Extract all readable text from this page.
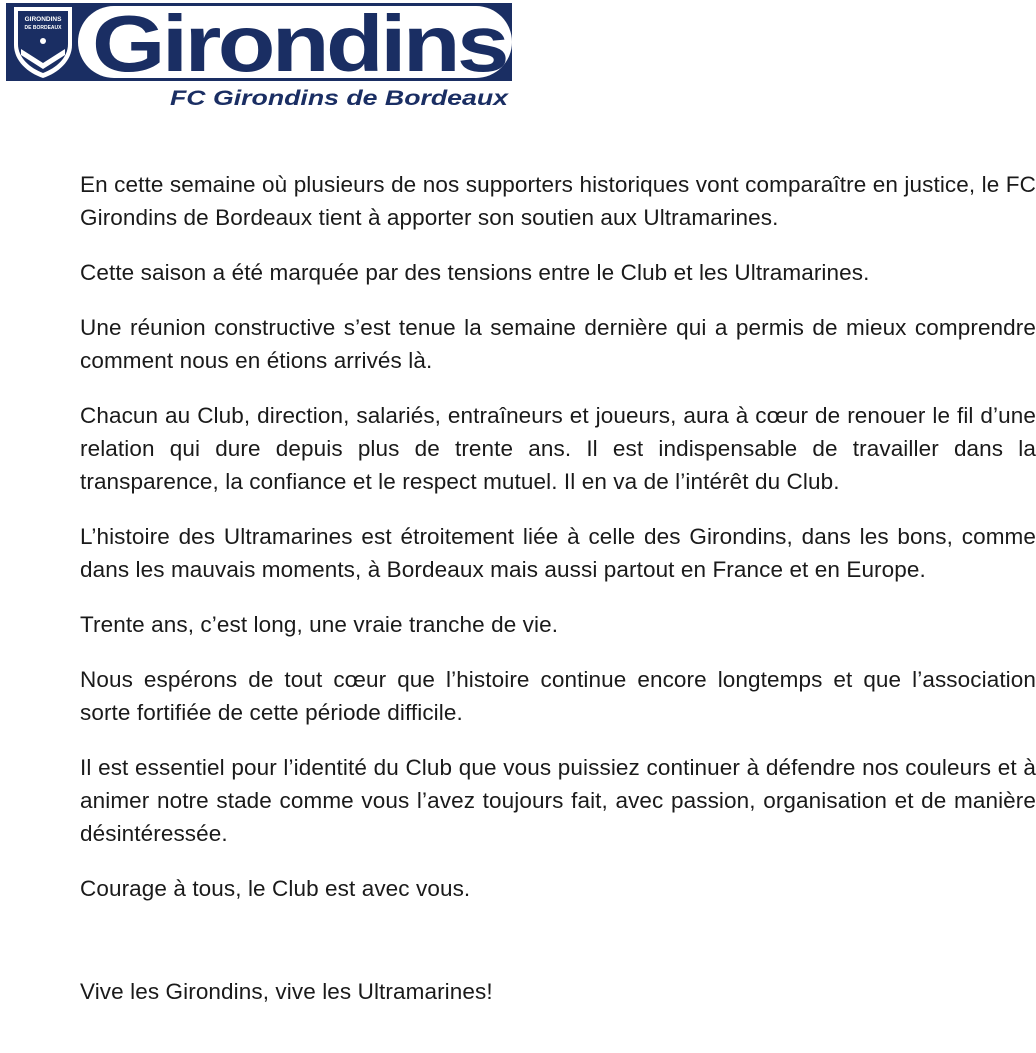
GIRONDINS
DE BORDEAUX Girondins
FC Girondins de Bordeaux

En cette semaine où plusieurs de nos supporters historiques vont comparaître en justice, le FC Girondins de Bordeaux tient à apporter son soutien aux Ultramarines.

Cette saison a été marquée par des tensions entre le Club et les Ultramarines.

Une réunion constructive s’est tenue la semaine dernière qui a permis de mieux comprendre comment nous en étions arrivés là.

Chacun au Club, direction, salariés, entraîneurs et joueurs, aura à cœur de renouer le fil d’une relation qui dure depuis plus de trente ans. Il est indispensable de travailler dans la transparence, la confiance et le respect mutuel. Il en va de l’intérêt du Club.

L’histoire des Ultramarines est étroitement liée à celle des Girondins, dans les bons, comme dans les mauvais moments, à Bordeaux mais aussi partout en France et en Europe.

Trente ans, c’est long, une vraie tranche de vie.

Nous espérons de tout cœur que l’histoire continue encore longtemps et que l’association sorte fortifiée de cette période difficile.

Il est essentiel pour l’identité du Club que vous puissiez continuer à défendre nos couleurs et à animer notre stade comme vous l’avez toujours fait, avec passion, organisation et de manière désintéressée.

Courage à tous, le Club est avec vous.

Vive les Girondins, vive les Ultramarines!
